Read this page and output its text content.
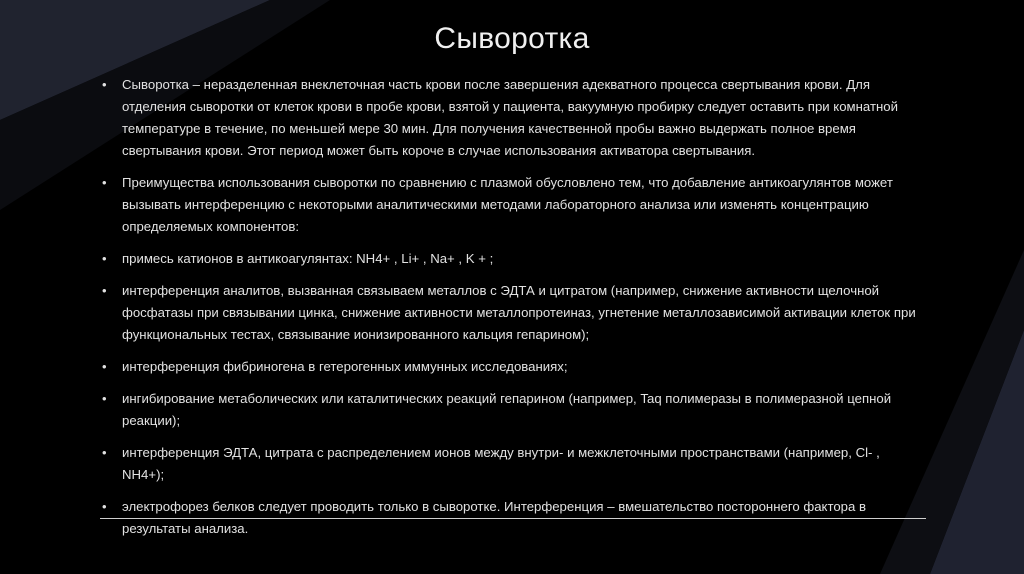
Сыворотка
• Сыворотка – неразделенная внеклеточная часть крови после завершения адекватного процесса свертывания крови. Для отделения сыворотки от клеток крови в пробе крови, взятой у пациента, вакуумную пробирку следует оставить при комнатной температуре в течение, по меньшей мере 30 мин. Для получения качественной пробы важно выдержать полное время свертывания крови. Этот период может быть короче в случае использования активатора свертывания.
• Преимущества использования сыворотки по сравнению с плазмой обусловлено тем, что добавление антикоагулянтов может вызывать интерференцию с некоторыми аналитическими методами лабораторного анализа или изменять концентрацию определяемых компонентов:
• примесь катионов в антикоагулянтах: NH4+ , Li+ , Na+ , K + ;
• интерференция аналитов, вызванная связываем металлов с ЭДТА и цитратом (например, снижение активности щелочной фосфатазы при связывании цинка, снижение активности металлопротеиназ, угнетение металлозависимой активации клеток при функциональных тестах, связывание ионизированного кальция гепарином);
• интерференция фибриногена в гетерогенных иммунных исследованиях;
• ингибирование метаболических или каталитических реакций гепарином (например, Taq полимеразы в полимеразной цепной реакции);
• интерференция ЭДТА, цитрата с распределением ионов между внутри- и межклеточными пространствами (например, Cl- , NH4+);
• электрофорез белков следует проводить только в сыворотке. Интерференция – вмешательство постороннего фактора в результаты анализа.
